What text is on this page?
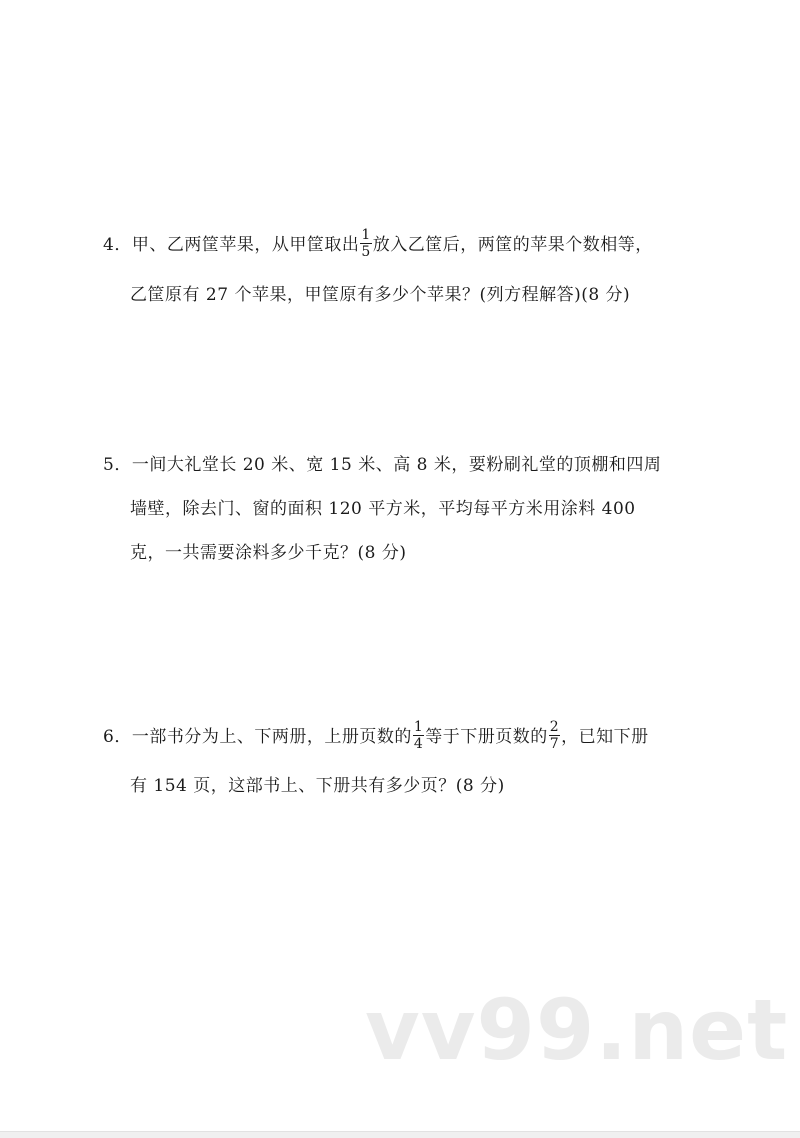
4．甲、乙两筐苹果，从甲筐取出 $\frac{1}{5}$ 放入乙筐后，两筐的苹果个数相等，
乙筐原有 27 个苹果，甲筐原有多少个苹果？(列方程解答)(8 分)
5．一间大礼堂长 20 米、宽 15 米、高 8 米，要粉刷礼堂的顶棚和四周
墙壁，除去门、窗的面积 120 平方米，平均每平方米用涂料 400
克，一共需要涂料多少千克？(8 分)
6．一部书分为上、下两册，上册页数的 $\frac{1}{4}$ 等于下册页数的 $\frac{2}{7}$ ，已知下册
有 154 页，这部书上、下册共有多少页？(8 分)
vv99.net
